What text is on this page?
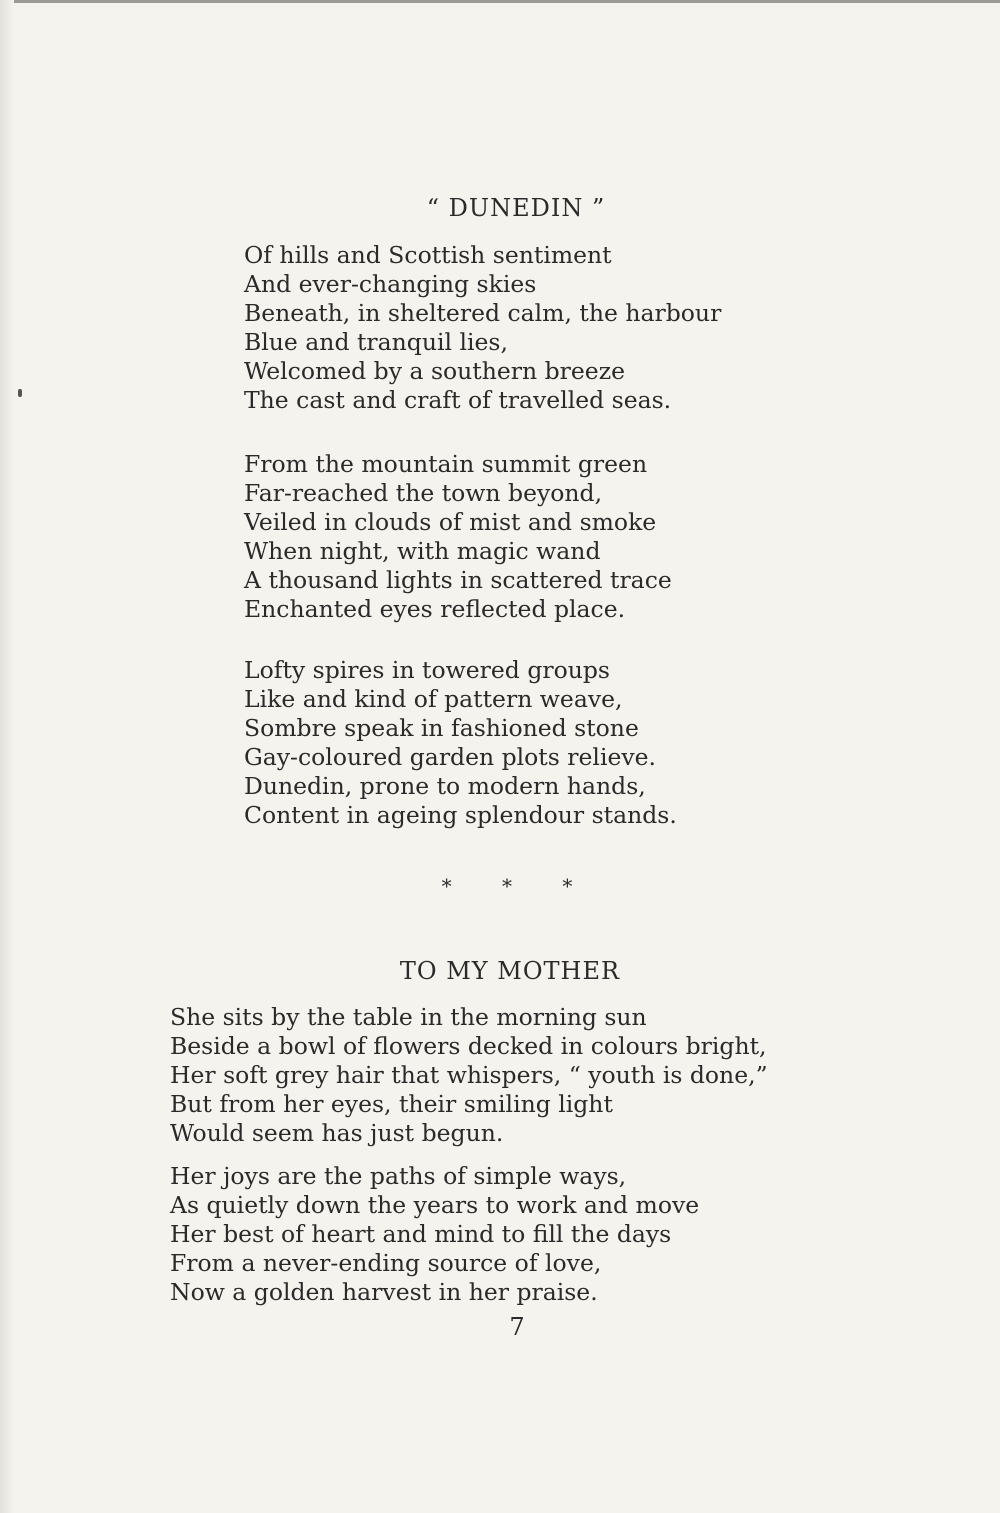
“ DUNEDIN ”
Of hills and Scottish sentiment
And ever-changing skies
Beneath, in sheltered calm, the harbour
Blue and tranquil lies,
Welcomed by a southern breeze
The cast and craft of travelled seas.
From the mountain summit green
Far-reached the town beyond,
Veiled in clouds of mist and smoke
When night, with magic wand
A thousand lights in scattered trace
Enchanted eyes reflected place.
Lofty spires in towered groups
Like and kind of pattern weave,
Sombre speak in fashioned stone
Gay-coloured garden plots relieve.
Dunedin, prone to modern hands,
Content in ageing splendour stands.
* * *
TO MY MOTHER
She sits by the table in the morning sun
Beside a bowl of flowers decked in colours bright,
Her soft grey hair that whispers, “ youth is done,”
But from her eyes, their smiling light
Would seem has just begun.
Her joys are the paths of simple ways,
As quietly down the years to work and move
Her best of heart and mind to fill the days
From a never-ending source of love,
Now a golden harvest in her praise.
7
